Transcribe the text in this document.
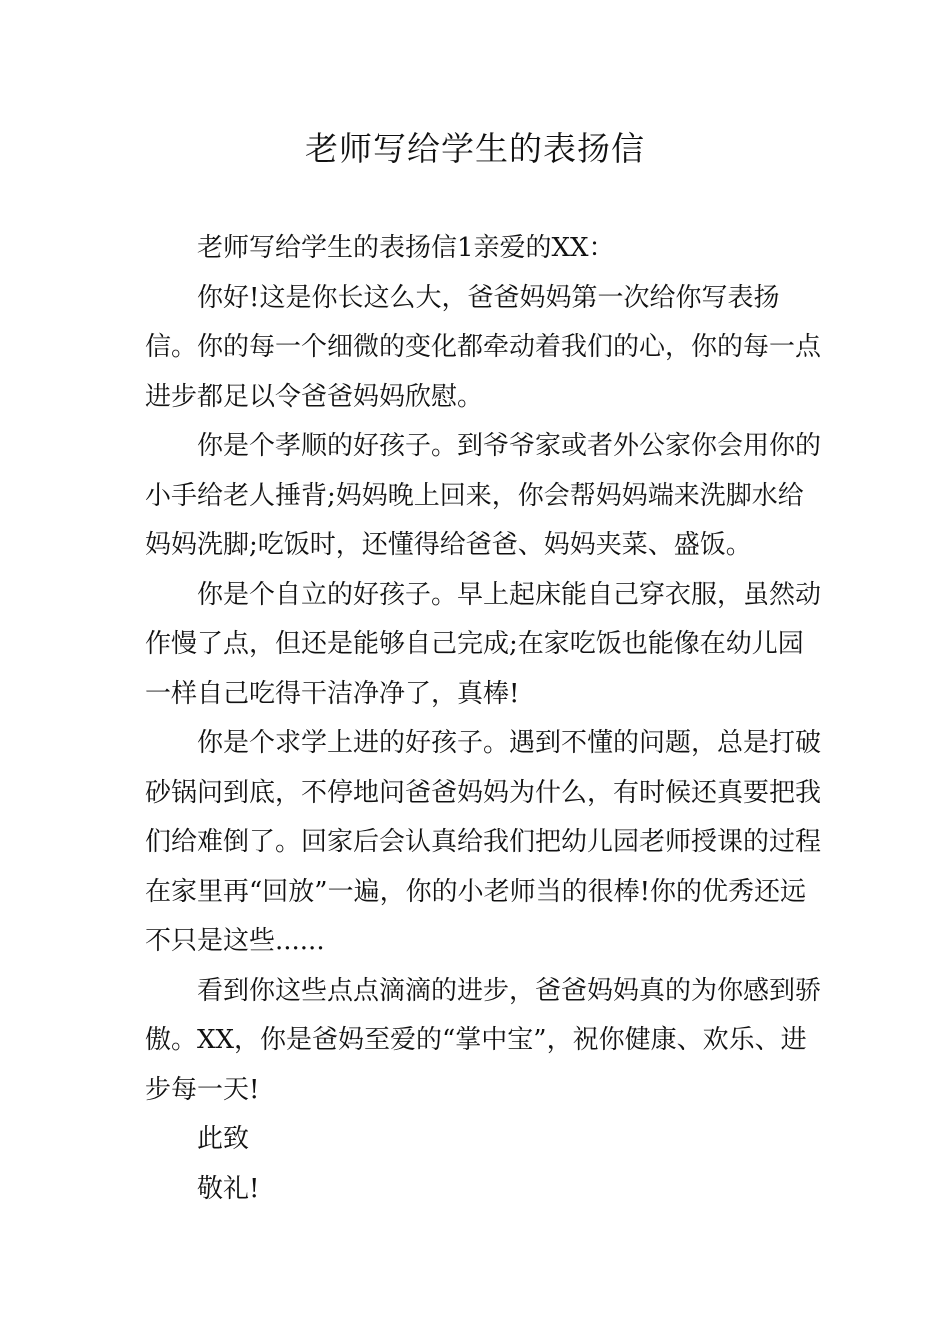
老师写给学生的表扬信

老师写给学生的表扬信1亲爱的XX：

你好!这是你长这么大，爸爸妈妈第一次给你写表扬信。你的每一个细微的变化都牵动着我们的心，你的每一点进步都足以令爸爸妈妈欣慰。

你是个孝顺的好孩子。到爷爷家或者外公家你会用你的小手给老人捶背;妈妈晚上回来，你会帮妈妈端来洗脚水给妈妈洗脚;吃饭时，还懂得给爸爸、妈妈夹菜、盛饭。

你是个自立的好孩子。早上起床能自己穿衣服，虽然动作慢了点，但还是能够自己完成;在家吃饭也能像在幼儿园一样自己吃得干洁净净了，真棒!

你是个求学上进的好孩子。遇到不懂的问题，总是打破砂锅问到底，不停地问爸爸妈妈为什么，有时候还真要把我们给难倒了。回家后会认真给我们把幼儿园老师授课的过程在家里再“回放”一遍，你的小老师当的很棒!你的优秀还远不只是这些......

看到你这些点点滴滴的进步，爸爸妈妈真的为你感到骄傲。XX，你是爸妈至爱的“掌中宝”，祝你健康、欢乐、进步每一天!

此致

敬礼!
